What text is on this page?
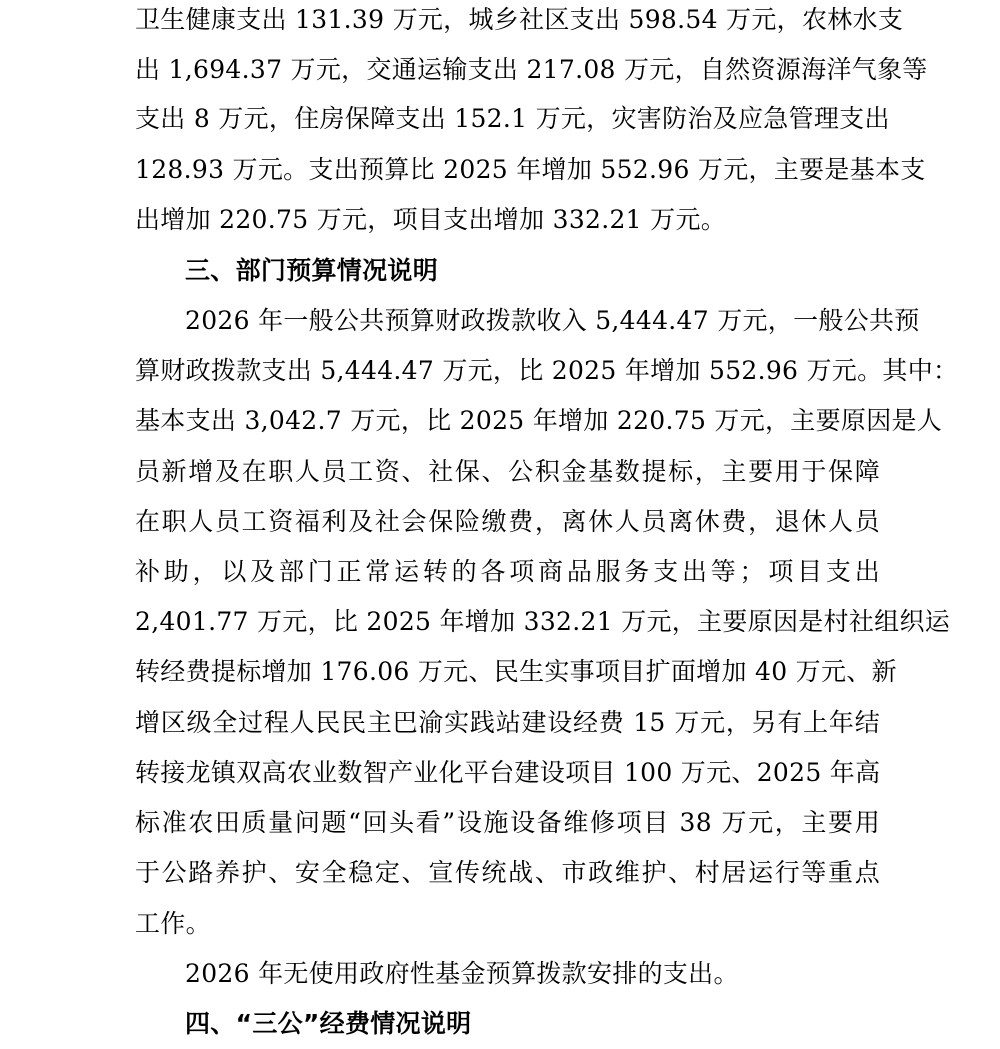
卫生健康支出 131.39 万元，城乡社区支出 598.54 万元，农林水支
出 1,694.37 万元，交通运输支出 217.08 万元，自然资源海洋气象等
支出 8 万元，住房保障支出 152.1 万元，灾害防治及应急管理支出
128.93 万元。支出预算比 2025 年增加 552.96 万元，主要是基本支
出增加 220.75 万元，项目支出增加 332.21 万元。
三、部门预算情况说明
2026 年一般公共预算财政拨款收入 5,444.47 万元，一般公共预
算财政拨款支出 5,444.47 万元，比 2025 年增加 552.96 万元。其中：
基本支出 3,042.7 万元，比 2025 年增加 220.75 万元，主要原因是人
员新增及在职人员工资、社保、公积金基数提标，主要用于保障
在职人员工资福利及社会保险缴费，离休人员离休费，退休人员
补助，以及部门正常运转的各项商品服务支出等；项目支出
2,401.77 万元，比 2025 年增加 332.21 万元，主要原因是村社组织运
转经费提标增加 176.06 万元、民生实事项目扩面增加 40 万元、新
增区级全过程人民民主巴渝实践站建设经费 15 万元，另有上年结
转接龙镇双高农业数智产业化平台建设项目 100 万元、2025 年高
标准农田质量问题“回头看”设施设备维修项目 38 万元，主要用
于公路养护、安全稳定、宣传统战、市政维护、村居运行等重点
工作。
2026 年无使用政府性基金预算拨款安排的支出。
四、“三公”经费情况说明
